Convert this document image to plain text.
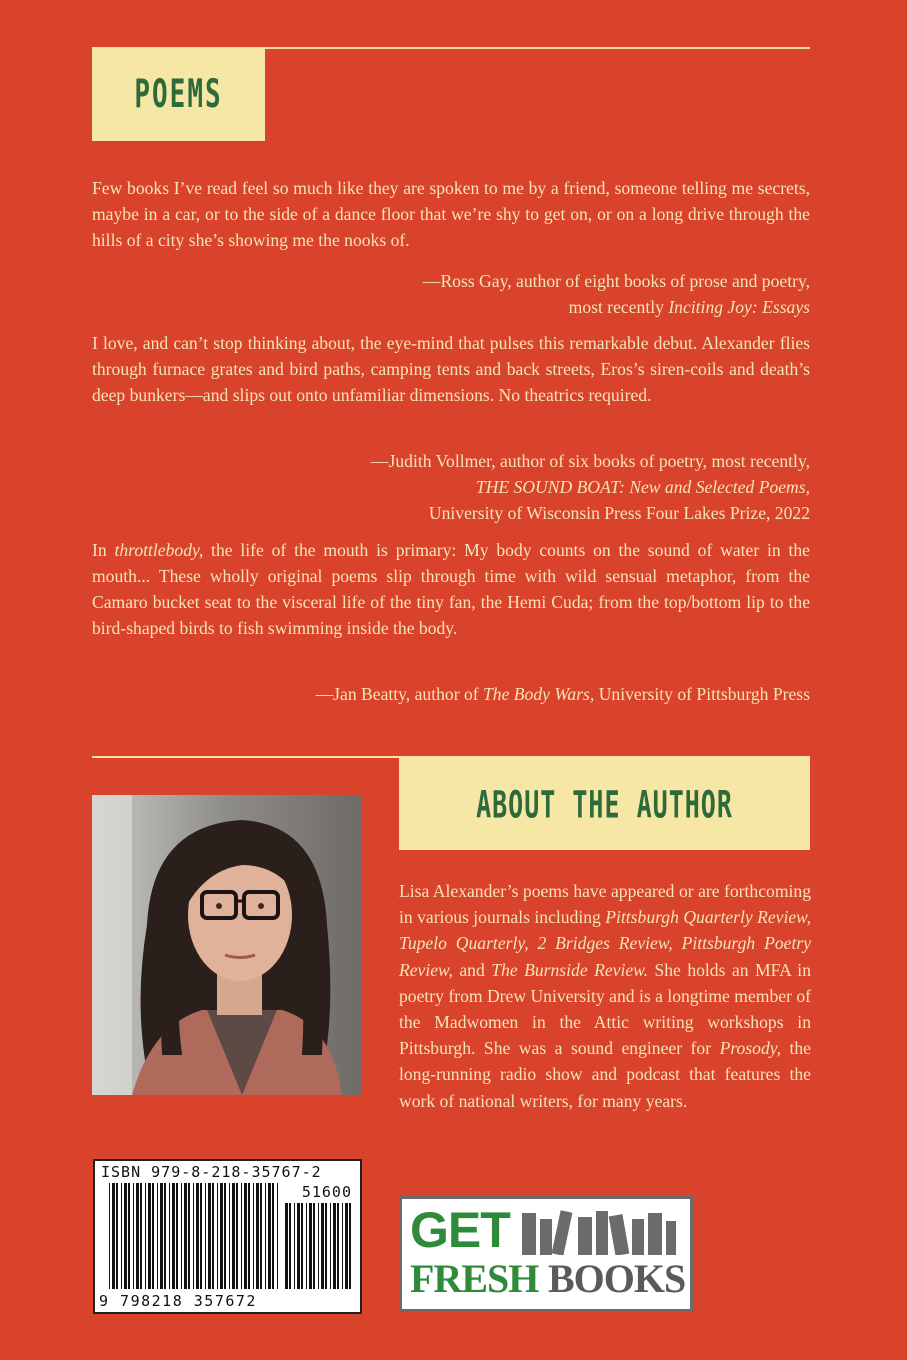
POEMS

Few books I’ve read feel so much like they are spoken to me by a friend, someone telling me secrets, maybe in a car, or to the side of a dance floor that we’re shy to get on, or on a long drive through the hills of a city she’s showing me the nooks of.

—Ross Gay, author of eight books of prose and poetry,
most recently Inciting Joy: Essays

I love, and can’t stop thinking about, the eye-mind that pulses this remarkable debut. Alexander flies through furnace grates and bird paths, camping tents and back streets, Eros’s siren-coils and death’s deep bunkers—and slips out onto unfamiliar dimensions. No theatrics required.

—Judith Vollmer, author of six books of poetry, most recently,
THE SOUND BOAT: New and Selected Poems,
University of Wisconsin Press Four Lakes Prize, 2022

In throttlebody, the life of the mouth is primary: My body counts on the sound of water in the mouth... These wholly original poems slip through time with wild sensual metaphor, from the Camaro bucket seat to the visceral life of the tiny fan, the Hemi Cuda; from the top/bottom lip to the bird-shaped birds to fish swimming inside the body.

—Jan Beatty, author of The Body Wars, University of Pittsburgh Press

ABOUT THE AUTHOR

Lisa Alexander’s poems have appeared or are forthcoming in various journals including Pittsburgh Quarterly Review, Tupelo Quarterly, 2 Bridges Review, Pittsburgh Poetry Review, and The Burnside Review. She holds an MFA in poetry from Drew University and is a longtime member of the Madwomen in the Attic writing workshops in Pittsburgh. She was a sound engineer for Prosody, the long-running radio show and podcast that features the work of national writers, for many years.

ISBN 979-8-218-35767-2
51600
9 798218 357672
GET
FRESH BOOKS
